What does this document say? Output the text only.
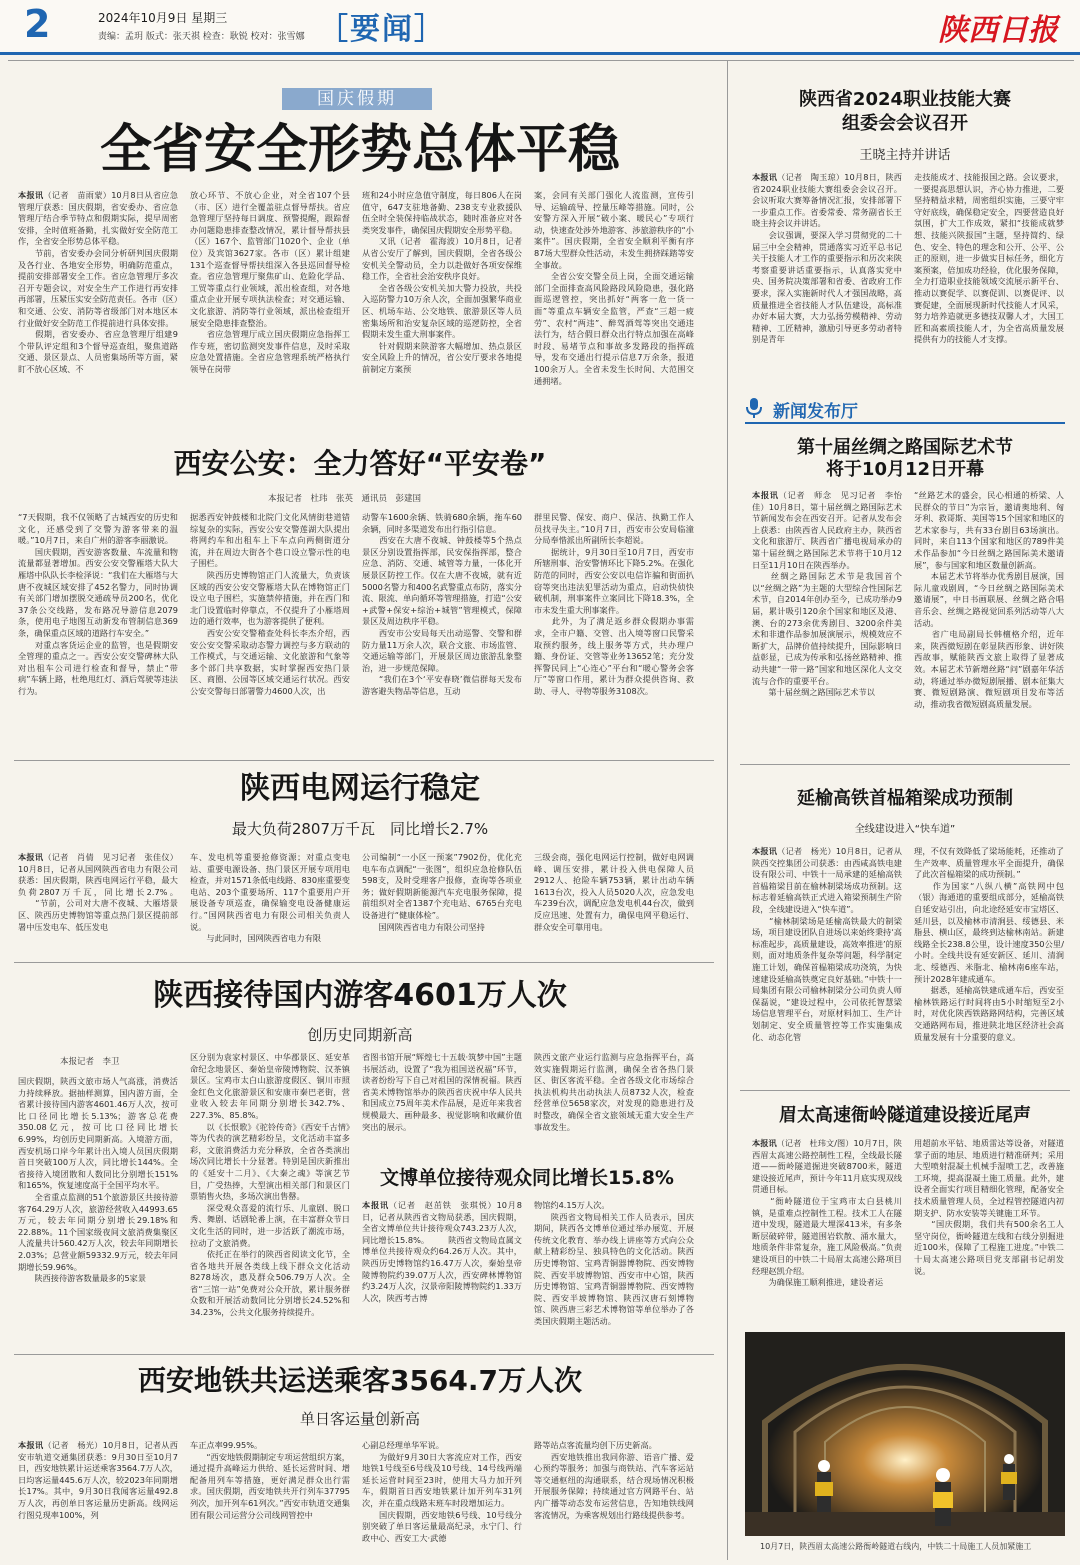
2	2024年10月9日 星期三
责编：孟玥 版式：张天祺 检查：耿锐 校对：张雪娜 ［要闻］	陕西日报
国庆假期
全省安全形势总体平稳

本报讯（记者　苗雨蒙）10月8日从省应急管理厅获悉：国庆假期，省安委办、省应急管理厅结合季节特点和假期实际，提早周密安排，全时值班备勤，扎实做好安全防范工作，全省安全形势总体平稳。
　　节前，省安委办会同分析研判国庆假期及各行业、各地安全形势，明确防范重点，提前安排部署安全工作。省应急管理厅多次召开专题会议，对安全生产工作进行再安排再部署，压紧压实安全防范责任。各市（区）和交通、公安、消防等省级部门对本地区本行业做好安全防范工作提前进行具体安排。
　　假期，省安委办、省应急管理厅组建9个带队评定组和3个督导巡查组，聚焦道路交通、景区景点、人员密集场所等方面，紧盯不放心区域、不

放心环节、不放心企业，对全省107个县（市、区）进行全覆盖驻点督导帮扶。省应急管理厅坚持每日调度、预警提醒，跟踪督办问题隐患排查整改情况，累计督导帮扶县（区）167个、监管部门1020个、企业（单位）及宾馆3627家。各市（区）累计组建131个巡查督导帮扶组深入各县巡回督导检查。省应急管理厅聚焦矿山、危险化学品、工贸等重点行业领域，派出检查组，对各地重点企业开展专项执法检查；对交通运输、文化旅游、消防等行业领域，派出检查组开展安全隐患排查整治。
　　省应急管理厅成立国庆假期应急指挥工作专班，密切监测突发事件信息，及时采取应急处置措施。全省应急管理系统严格执行领导在岗带

班和24小时应急值守制度，每日806人在岗值守，647支驻地备勤、238支专业救援队伍全时全装保持临战状态，随时准备应对各类突发事件，确保国庆假期安全形势平稳。
　　又讯（记者　霍海波）10月8日，记者从省公安厅了解到，国庆假期，全省各级公安机关全警动员，全力以赴做好各项安保维稳工作，全省社会治安秩序良好。
　　全省各级公安机关加大警力投放，共投入巡防警力10万余人次，全面加强繁华商业区、机场车站、公交地铁、旅游景区等人员密集场所和治安复杂区域的巡逻防控，全省假期未发生重大刑事案件。
　　针对假期来陕游客大幅增加、热点景区安全风险上升的情况，省公安厅要求各地提前制定方案预

案，会同有关部门强化人流监测，宣传引导、运输疏导、控量压峰等措施。同时，公安警方深入开展“破小案、暖民心”专项行动，快速查处涉外地游客、涉旅游秩序的“小案件”。国庆假期，全省安全顺利平衡有序87场大型群众性活动，未发生拥挤踩踏等安全事故。
　　全省公安交警全员上岗，全面交通运输部门全面排查高风险路段风险隐患，强化路面巡逻管控，突出抓好“两客一危一货一面”等重点车辆安全监管，严查“三超一疲劳”、农村“两违”、醉驾酒驾等突出交通违法行为，结合假日群众出行特点加强在高峰时段、易堵节点和事故多发路段的指挥疏导，发布交通出行提示信息7万余条，报道100余万人。全省未发生长时间、大范围交通拥堵。

西安公安：全力答好“平安卷”
本报记者　杜玮　张英　通讯员　彭建国

“7天假期，我不仅领略了古城西安的历史和文化，还感受到了交警为游客带来的温暖。”10月7日，来自广州的游客李丽激说。
　　国庆假期，西安游客数量、车流量和物流量都显著增加。西安公安交警雁塔大队大雁塔中队队长李检泽说：“我们在大雁塔与大唐不夜城区域安排了452名警力，同时协调有关部门增加摆脱交通疏导员200名，优化37条公交线路，发布路况导游信息2079条，使用电子地图互动新发布管制信息369条，确保重点区域的道路行车安全。”
　　对重点客货运企业的监管，也是假期安全管理的重点之一。西安公安交警碑林大队对出租车公司进行检查和督导，禁止“带病”车辆上路，杜绝甩红灯、酒后驾驶等违法行为。

据悉西安钟鼓楼和北院门文化风情街巷道错综复杂的实际，西安公安交警莲湖大队提出将网约车和出租车上下车点向两侧街道分流，并在周边大街各个巷口设立警示性的电子围栏。
　　陕西历史博物馆正门人流量大，负责该区域的西安公安交警雁塔大队在博物馆正门设立电子围栏，实施禁停措施，并在西门和北门设置临时停靠点，不仅提升了小雁塔周边的通行效率，也为游客提供了便利。
　　西安公安交警稽查处科长李杰介绍，西安公安交警采取动态警力调控与多方联动的工作模式，与交通运输、文化旅游和气象等多个部门共享数据，实时掌握西安热门景区、商圈、公园等区域交通运行状况。西安公安交警每日部署警力4600人次，出

动警车1600余辆、铁骑680余辆，拖车60余辆，同时多渠道发布出行指引信息。
　　西安在大唐不夜城、钟鼓楼等5个热点景区分别设置指挥部，民安保指挥部，整合应急、消防、交通、城管等力量，一体化开展景区防控工作。仅在大唐不夜城，就有近5000名警力和400名武警重点布防，落实分流、限流、单向循环等管理措施，打造“公安+武警+保安+综治+城管”管理模式，保障景区及周边秩序平稳。
　　西安市公安局每天出动巡警、交警和群防力量11万余人次，联合文旅、市场监管、交通运输等部门，开展景区周边旅游乱象整治，进一步规范保障。
　　“我们在3个‘平安春晓’微信群每天发布游客避失物品等信息，互动

群里民警、保安、商户、保洁、执勤工作人员找寻失主。”10月7日，西安市公安局临潼分局奉惜派出所副所长李超说。
　　据统计，9月30日至10月7日，西安市所辖刑事、治安警情环比下降5.2%。在强化防范的同时，西安公安以电信诈骗和街面扒窃等突出违法犯罪活动为重点，启动快侦快破机制，刑事案件立案同比下降18.3%，全市未发生重大刑事案件。
　　此外，为了满足返乡群众假期办事需求，全市户籍、交管、出入境等窗口民警采取预约服务，线上服务等方式，共办理户籍、身份证、交管等业务13652笔；充分发挥警民同上“心连心”平台和“暖心警务会客厅”等窗口作用，累计为群众提供咨询、救助、寻人、寻物等服务3108次。

陕西电网运行稳定
最大负荷2807万千瓦　同比增长2.7%

本报讯（记者　肖倩　见习记者　张佳仪）10月8日，记者从国网陕西省电力有限公司获悉：国庆假期，陕西电网运行平稳，最大负荷2807万千瓦，同比增长2.7%。 　　“节前，公司对大唐不夜城、大雁塔景区、陕西历史博物馆等重点热门景区提前部署中压发电车、低压发电

车、发电机等重要抢修资源；对重点变电站、重要电源设备、热门景区开展专项用电检查，并对1571条低电线路、830座重要变电站、203个重要场所、117个重要用户开展设备专项巡查，确保输变电设备健康运行。”国网陕西省电力有限公司相关负责人说。
　　与此同时，国网陕西省电力有限

公司编制“一小区一预案”7902份，优化充电车布点调配“一张图”，组织应急抢修队伍598支，及时受理客户报修，查询等各项业务；做好假期新能源汽车充电服务保障，提前组织对全省1387个充电站、6765台充电设备进行“健康体检”。
　　国网陕西省电力有限公司坚持

三级会商，强化电网运行控制，做好电网调峰、调压安排，累计投入供电保障人员2912人、抢险车辆753辆，累计出动车辆1613台次，投入人员5020人次，应急发电车239台次，调配应急发电机44台次，做到反应迅速、处置有力，确保电网平稳运行、群众安全可靠用电。

陕西接待国内游客4601万人次
创历史同期新高
本报记者　李卫

国庆假期，陕西文旅市场人气高涨，消费活力持续释放。据抽样测算，国内游方面，全省累计接待国内游客4601.46万人次，按可比口径同比增长5.13%；游客总花费350.08亿元，按可比口径同比增长6.99%，均创历史同期新高。入境游方面，西安机场口岸今年累计出入境人员国庆假期首日突破100万人次，同比增长144%。全省接待入境团散和人数同比分别增长151%和165%，恢复速度高于全国平均水平。
　　全省重点监测的51个旅游景区共接待游客764.29万人次，旅游经营收入44993.65万元，较去年同期分别增长29.18%和22.88%。11个国家级夜间文旅消费集聚区人流量共计560.42万人次，较去年同期增长2.03%；总营业额59332.9万元，较去年同期增长59.96%。
　　陕西接待游客数量最多的5家景

区分别为袁家村景区、中华郡景区、延安革命纪念地景区、秦始皇帝陵博物院、汉茶镇景区。宝鸡市太白山旅游度假区、铜川市照金红色文化旅游景区和安康市秦巴老街，营业收入较去年同期分别增长342.7%、227.3%、85.8%。
　　以《长恨歌》《驼铃传奇》《西安千古情》等为代表的演艺精彩纷呈，文化活动丰富多彩，文旅消费活力充分释放，全省各类演出场次同比增长十分显著。特别是国庆新推出的《延安十二月》、《大秦之魂》等演艺节目，广受热捧，大型演出相关部门和景区门票销售火热，多场次演出售罄。
　　深受观众喜爱的流行乐、儿童剧、脱口秀、舞剧、话剧轮番上演，在丰富群众节日文化生活的同时，进一步活跃了潮流市场，拉动了文旅消费。
　　依托正在举行的陕西省阅读文化节，全省各地共开展各类线上线下群众文化活动8278场次，惠及群众506.79万人次。全省“三馆一站”免费对公众开放，累计服务群众数和开展活动数同比分别增长24.52%和34.23%，公共文化服务持续提升。

省图书馆开展“辉煌七十五载·筑梦中国”主题书展活动，设置了“我为祖国送祝福”环节，读者纷纷写下自己对祖国的深情祝福。陕西省美术博物馆举办的陕西省庆祝中华人民共和国成立75周年美术作品展，是近年来我省规模最大、画种最多、视觉影响和收藏价值突出的展示。

陕西文旅产业运行监测与应急指挥平台，高效实施假期运行监测，确保全省各热门景区、街区客流平稳。全省各级文化市场综合执法机构共出动执法人员8732人次，检查经营单位5658家次，对发现的隐患进行及时整改，确保全省文旅领域无重大安全生产事故发生。

文博单位接待观众同比增长15.8%

本报讯（记者　赵茁铁　张琪悦）10月8日，记者从陕西省文物局获悉，国庆假期，全省文博单位共计接待观众743.23万人次，同比增长15.8%。 　　陕西省文物局直属文博单位共接待观众约64.26万人次。其中，陕西历史博物馆约16.47万人次，秦始皇帝陵博物院约39.07万人次，西安碑林博物馆约3.24万人次，汉景帝阳陵博物院约1.33万人次，陕西考古博

物馆约4.15万人次。
　　陕西省文物局相关工作人员表示，国庆期间，陕西各文博单位通过举办展览、开展传统文化教育、举办线上讲座等方式向公众献上精彩纷呈、独具特色的文化活动。陕西历史博物馆、宝鸡青铜器博物院、西安博物院、西安半坡博物馆、西安市中心馆，陕西历史博物馆、宝鸡青铜器博物院、西安博物院、西安半坡博物馆、陕西汉唐石刻博物馆、陕西唐三彩艺术博物馆等单位举办了各类国庆假期主题活动。

西安地铁共运送乘客3564.7万人次
单日客运量创新高

本报讯（记者　杨光）10月8日，记者从西安市轨道交通集团获悉：9月30日至10月7日，西安地铁累计运送乘客3564.7万人次，日均客运量445.6万人次，较2023年同期增长17%。其中，9月30日我闻客运量492.8万人次，再创单日客运量历史新高。线网运行图兑现率100%，列

车正点率99.95%。
　　“西安地铁假期制定专项运营组织方案，通过提升高峰运力供给、延长运营时间、增配备用列车等措施，更好满足群众出行需求。国庆假期，西安地铁共开行列车37795列次，加开列车61列次。”西安市轨道交通集团有限公司运营分公司线网管控中

心副总经理单华军说。
　　为做好9月30日大客流应对工作，西安地铁1号线至6号线及10号线、14号线两端延长运营时间至23时，使用大马力加开列车，假期首日西安地铁累计加开列车31列次，并在重点线路末班车时段增加运力。
　　国庆假期，西安地铁6号线、10号线分别突破了单日客运量最高纪录，永宁门、行政中心、西安工大·武德

路等站点客流量均创下历史新高。
　　西安地铁推出我同你游、语音广播、爱心预约等服务；加强与商铁站、汽车客运站等交通枢纽的沟通联系，结合现场情况积极开展服务保障；持续通过官方网路平台、站内广播等动态发布运营信息，告知地铁线网客流情况，为乘客规划出行路线提供参考。

陕西省2024职业技能大赛
组委会会议召开
王晓主持并讲话

本报讯（记者　陶玉琼）10月8日，陕西省2024职业技能大赛组委会会议召开。会议听取大赛筹备情况汇报，安排部署下一步重点工作。省委常委、常务副省长王晓主持会议并讲话。
　　会议强调，要深入学习贯彻党的二十届三中全会精神，贯通落实习近平总书记关于技能人才工作的重要指示和历次来陕考察重要讲话重要指示，认真落实党中央、国务院决策部署和省委、省政府工作要求，深入实施新时代人才强国战略，高质量推进全省技能人才队伍建设，高标准办好本届大赛，大力弘扬劳模精神、劳动精神、工匠精神，激励引导更多劳动者特别是青年

走技能成才、技能报国之路。会议要求，一要提高思想认识，齐心协力推进，二要坚持精益求精，周密组织实施，三要守牢守好底线，确保稳定安全，四要营造良好氛围，扩大工作成效，紧扣“技能成就梦想、技能兴陕报国”主题，坚持简约、绿色、安全、特色的理念和公开、公平、公正的原则，进一步做实目标任务，细化方案预案，倍加成功经验，优化服务保障，全力打造职业技能领域交流展示新平台、推动以赛促学、以赛促训、以赛促评、以赛促建，全面展现新时代技能人才风采，努力培养造就更多德技双馨人才，大国工匠和高素质技能人才，为全省高质量发展提供有力的技能人才支撑。

新闻发布厅
第十届丝绸之路国际艺术节
将于10月12日开幕

本报讯（记者　师念　见习记者　李怡佳）10月8日，第十届丝绸之路国际艺术节新闻发布会在西安召开。记者从发布会上获悉：由陕西省人民政府主办，陕西省文化和旅游厅、陕西省广播电视局承办的第十届丝绸之路国际艺术节将于10月12日至11月10日在陕西举办。
　　丝绸之路国际艺术节是我国首个以“丝绸之路”为主题的大型综合性国际艺术节，自2014年创办至今，已成功举办9届，累计吸引120余个国家和地区及港、澳、台的273余优秀剧目、3200余件美术和非遗作品参加展演展示，规模效应不断扩大，品牌价值持续提升，国际影响日益彰显，已成为传承和弘扬丝路精神、推动共建“一带一路”国家和地区深化人文交流与合作的重要平台。
　　第十届丝绸之路国际艺术节以

“丝路艺术的盛会，民心相通的桥梁、人民群众的节日”为宗旨，邀请奥地利、匈牙利、救哥斯、美国等15个国家和地区的艺术家参与，共有33台剧目63场演出。同时，来自113个国家和地区的789件美术作品参加“今日丝绸之路国际美术邀请展”，参与国家和地区数量创新高。
　　本届艺术节将举办优秀剧目展演，国际儿童戏剧周，“今日丝绸之路国际美术邀请展”，中日书画联展、丝绸之路合唱音乐会、丝绸之路视觉回系列活动等八大活动。
　　省广电局副局长韩檀格介绍，近年来，陕西微短剧在彰显陕西形象、讲好陕西故事，赋能陕西文旅上取得了显著成效。本届艺术节新增丝路“问”剧嘉年华活动，将通过举办微短剧展播、剧本征集大赛、微短剧路演、微短剧项目发布等活动，推动我省微短剧高质量发展。

延榆高铁首榀箱梁成功预制
全线建设进入“快车道”

本报讯（记者　杨光）10月8日，记者从陕西交控集团公司获悉：由西咸高铁电建设有限公司、中铁十一局承建的延榆高铁首榀箱梁目前在榆林制梁场成功预制。这标志着延榆高铁正式进入箱梁预制生产阶段，全线建设进入“快车道”。
　　“榆林制梁场是延榆高铁最大的制梁场，项目建设团队自进场以来始终秉持‘高标准起步，高质量建设，高效率推进’的原则，面对地质条件复杂等问题，科学制定施工计划，确保首榀箱梁成功浇筑，为快速建设延榆高铁奠定良好基础。”中铁十一局集团有限公司榆林制梁分公司负责人师保磊说，“建设过程中，公司依托智慧梁场信息管理平台，对原材料加工、生产计划制定、安全质量管控等工作实施集成化、动态化管

理，不仅有效降低了梁场能耗，还推动了生产效率、质量管理水平全面提升，确保了此次首榀箱梁的成功预制。”
　　作为国家“八纵八横”高铁网中包（银）海通道的重要组成部分，延榆高铁自延安站引出，向北途经延安市宝塔区、延川县，以及榆林市清涧县、绥德县、米脂县、横山区，最终到达榆林南站。新建线路全长238.8公里，设计速度350公里/小时。全线共设有延安新区、延川、清涧北、绥德西、米脂北、榆林南6座车站，预计2028年建成通车。
　　据悉，延榆高铁建成通车后，西安至榆林铁路运行时间将由5小时缩短至2小时，对优化陕西铁路路网结构，完善区域交通路网布局，推进陕北地区经济社会高质量发展有十分重要的意义。

眉太高速衙岭隧道建设接近尾声

本报讯（记者　杜玮文/图）10月7日，陕西眉太高速公路控制性工程，全线最长隧道——衙岭隧道掘进突破8700米，隧道建设接近尾声，预计今年11月底实现双线贯通目标。
　　“衙岭隧道位于宝鸡市太白县桃川镇，是重难点控制性工程。技术工人在隧道中发现，隧道最大埋深413米，有多条断层破碎带，隧道围岩软散、涌水量大，地质条件非常复杂，施工风险极高。”负责建设项目的中铁二十局眉太高速公路项目经理赵凯介绍。
　　为确保施工顺利推进，建设者运

用超前水平钻、地质雷达等设备，对隧道掌子面的地层、地质进行精准研判；采用大型喷射混凝土机械手湿喷工艺，改善施工环境，提高混凝土施工质量。此外，建设者全面实行项目精细化管理，配备安全技术质量管理人员，全过程管控隧道内初期支护、防水安装等关键施工环节。
　　“国庆假期，我们共有500余名工人坚守岗位，衙岭隧道左线和右线分别掘进近100米，保障了工程施工进度。”中铁二十局太高速公路项目党支部副书记胡发说。

10月7日，陕西眉太高速公路衙岭隧道右线内，中铁二十局施工人员加紧施工
